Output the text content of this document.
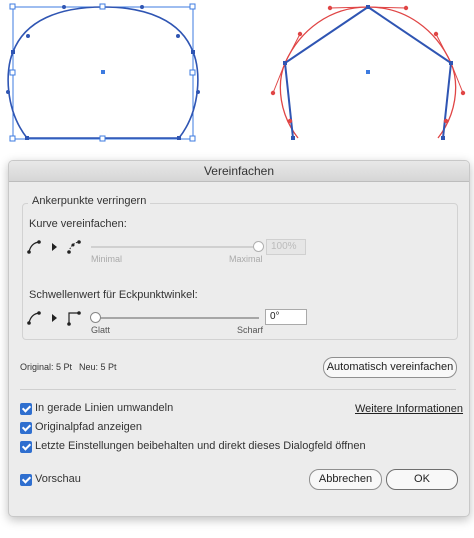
Vereinfachen
Ankerpunkte verringern
Kurve vereinfachen:
100%
Minimal	Maximal
Schwellenwert für Eckpunktwinkel:
0°
Glatt	Scharf
Original: 5 Pt Neu: 5 Pt	Automatisch vereinfachen
In gerade Linien umwandeln	Weitere Informationen
Originalpfad anzeigen
Letzte Einstellungen beibehalten und direkt dieses Dialogfeld öffnen
Vorschau	Abbrechen	OK
